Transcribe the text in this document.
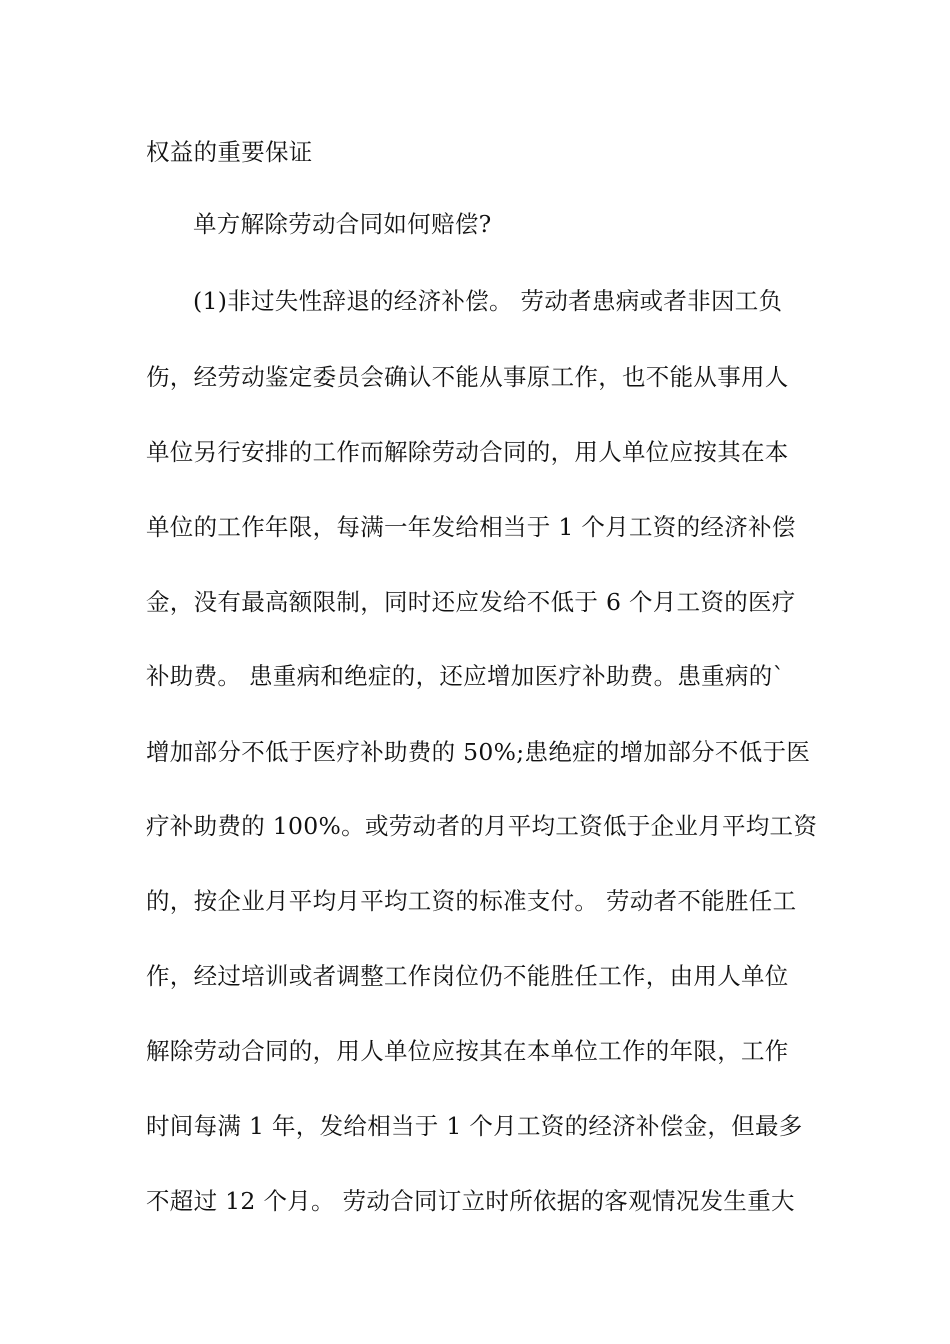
权益的重要保证
单方解除劳动合同如何赔偿?
(1)非过失性辞退的经济补偿。 劳动者患病或者非因工负
伤，经劳动鉴定委员会确认不能从事原工作，也不能从事用人
单位另行安排的工作而解除劳动合同的，用人单位应按其在本
单位的工作年限，每满一年发给相当于 1 个月工资的经济补偿
金，没有最高额限制，同时还应发给不低于 6 个月工资的医疗
补助费。 患重病和绝症的，还应增加医疗补助费。患重病的`
增加部分不低于医疗补助费的 50%;患绝症的增加部分不低于医
疗补助费的 100%。或劳动者的月平均工资低于企业月平均工资
的，按企业月平均月平均工资的标准支付。 劳动者不能胜任工
作，经过培训或者调整工作岗位仍不能胜任工作，由用人单位
解除劳动合同的，用人单位应按其在本单位工作的年限，工作
时间每满 1 年，发给相当于 1 个月工资的经济补偿金，但最多
不超过 12 个月。 劳动合同订立时所依据的客观情况发生重大
